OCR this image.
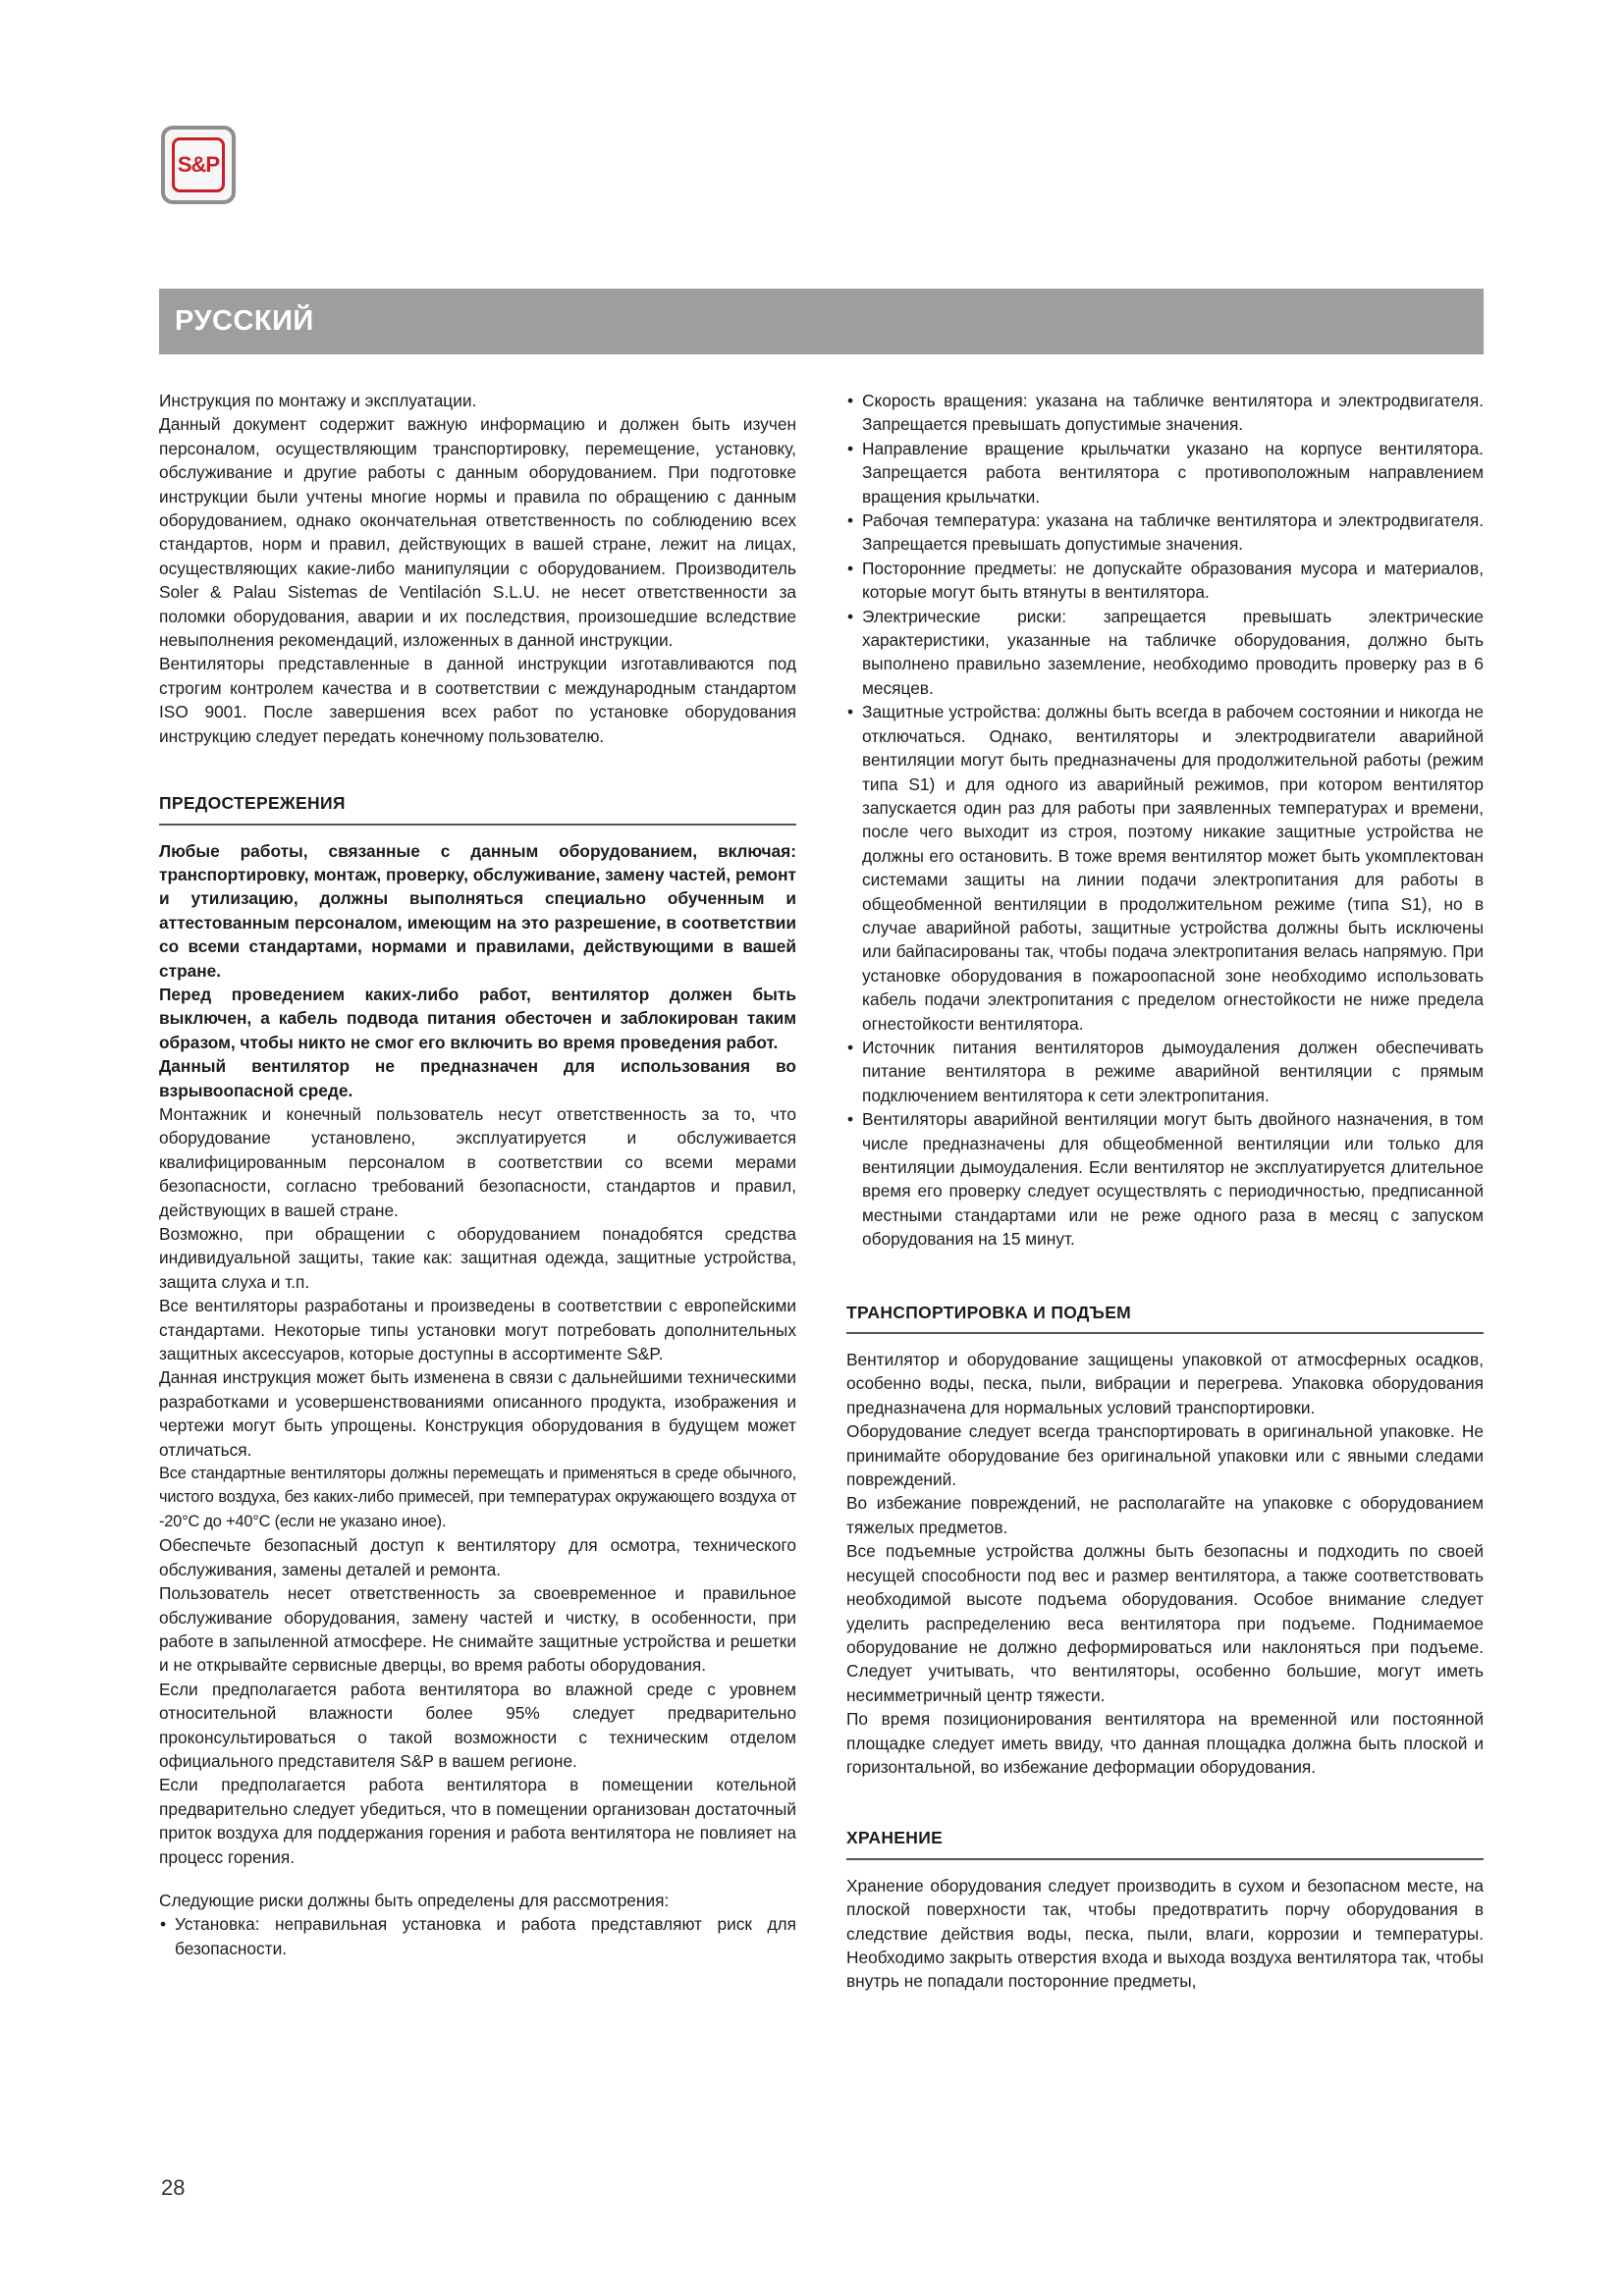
S&P
РУССКИЙ

Инструкция по монтажу и эксплуатации.

Данный документ содержит важную информацию и должен быть изучен персоналом, осуществляющим транспортировку, перемещение, установку, обслуживание и другие работы с данным оборудованием. При подготовке инструкции были учтены многие нормы и правила по обращению с данным оборудованием, однако окончательная ответственность по соблюдению всех стандартов, норм и правил, действующих в вашей стране, лежит на лицах, осуществляющих какие-либо манипуляции с оборудованием. Производитель Soler & Palau Sistemas de Ventilación S.L.U. не несет ответственности за поломки оборудования, аварии и их последствия, произошедшие вследствие невыполнения рекомендаций, изложенных в данной инструкции.

Вентиляторы представленные в данной инструкции изготавливаются под строгим контролем качества и в соответствии с международным стандартом ISO 9001. После завершения всех работ по установке оборудования инструкцию следует передать конечному пользователю.

ПРЕДОСТЕРЕЖЕНИЯ

Любые работы, связанные с данным оборудованием, включая: транспортировку, монтаж, проверку, обслуживание, замену частей, ремонт и утилизацию, должны выполняться специально обученным и аттестованным персоналом, имеющим на это разрешение, в соответствии со всеми стандартами, нормами и правилами, действующими в вашей стране.

Перед проведением каких-либо работ, вентилятор должен быть выключен, а кабель подвода питания обесточен и заблокирован таким образом, чтобы никто не смог его включить во время проведения работ.

Данный вентилятор не предназначен для использования во взрывоопасной среде.

Монтажник и конечный пользователь несут ответственность за то, что оборудование установлено, эксплуатируется и обслуживается квалифицированным персоналом в соответствии со всеми мерами безопасности, согласно требований безопасности, стандартов и правил, действующих в вашей стране.

Возможно, при обращении с оборудованием понадобятся средства индивидуальной защиты, такие как: защитная одежда, защитные устройства, защита слуха и т.п.

Все вентиляторы разработаны и произведены в соответствии с европейскими стандартами. Некоторые типы установки могут потребовать дополнительных защитных аксессуаров, которые доступны в ассортименте S&P.

Данная инструкция может быть изменена в связи с дальнейшими техническими разработками и усовершенствованиями описанного продукта, изображения и чертежи могут быть упрощены. Конструкция оборудования в будущем может отличаться.

Все стандартные вентиляторы должны перемещать и применяться в среде обычного, чистого воздуха, без каких-либо примесей, при температурах окружающего воздуха от -20°C до +40°C (если не указано иное).

Обеспечьте безопасный доступ к вентилятору для осмотра, технического обслуживания, замены деталей и ремонта.

Пользователь несет ответственность за своевременное и правильное обслуживание оборудования, замену частей и чистку, в особенности, при работе в запыленной атмосфере. Не снимайте защитные устройства и решетки и не открывайте сервисные дверцы, во время работы оборудования.

Если предполагается работа вентилятора во влажной среде с уровнем относительной влажности более 95% следует предварительно проконсультироваться о такой возможности с техническим отделом официального представителя S&P в вашем регионе.

Если предполагается работа вентилятора в помещении котельной предварительно следует убедиться, что в помещении организован достаточный приток воздуха для поддержания горения и работа вентилятора не повлияет на процесс горения.

Следующие риски должны быть определены для рассмотрения:

• Установка: неправильная установка и работа представляют риск для безопасности.
• Скорость вращения: указана на табличке вентилятора и электродвигателя. Запрещается превышать допустимые значения.
• Направление вращение крыльчатки указано на корпусе вентилятора. Запрещается работа вентилятора с противоположным направлением вращения крыльчатки.
• Рабочая температура: указана на табличке вентилятора и электродвигателя. Запрещается превышать допустимые значения.
• Посторонние предметы: не допускайте образования мусора и материалов, которые могут быть втянуты в вентилятора.
• Электрические риски: запрещается превышать электрические характеристики, указанные на табличке оборудования, должно быть выполнено правильно заземление, необходимо проводить проверку раз в 6 месяцев.
• Защитные устройства: должны быть всегда в рабочем состоянии и никогда не отключаться. Однако, вентиляторы и электродвигатели аварийной вентиляции могут быть предназначены для продолжительной работы (режим типа S1) и для одного из аварийный режимов, при котором вентилятор запускается один раз для работы при заявленных температурах и времени, после чего выходит из строя, поэтому никакие защитные устройства не должны его остановить. В тоже время вентилятор может быть укомплектован системами защиты на линии подачи электропитания для работы в общеобменной вентиляции в продолжительном режиме (типа S1), но в случае аварийной работы, защитные устройства должны быть исключены или байпасированы так, чтобы подача электропитания велась напрямую. При установке оборудования в пожароопасной зоне необходимо использовать кабель подачи электропитания с пределом огнестойкости не ниже предела огнестойкости вентилятора.
• Источник питания вентиляторов дымоудаления должен обеспечивать питание вентилятора в режиме аварийной вентиляции с прямым подключением вентилятора к сети электропитания.
• Вентиляторы аварийной вентиляции могут быть двойного назначения, в том числе предназначены для общеобменной вентиляции или только для вентиляции дымоудаления. Если вентилятор не эксплуатируется длительное время его проверку следует осуществлять с периодичностью, предписанной местными стандартами или не реже одного раза в месяц с запуском оборудования на 15 минут.
ТРАНСПОРТИРОВКА И ПОДЪЕМ

Вентилятор и оборудование защищены упаковкой от атмосферных осадков, особенно воды, песка, пыли, вибрации и перегрева. Упаковка оборудования предназначена для нормальных условий транспортировки.

Оборудование следует всегда транспортировать в оригинальной упаковке. Не принимайте оборудование без оригинальной упаковки или с явными следами повреждений.

Во избежание повреждений, не располагайте на упаковке с оборудованием тяжелых предметов.

Все подъемные устройства должны быть безопасны и подходить по своей несущей способности под вес и размер вентилятора, а также соответствовать необходимой высоте подъема оборудования. Особое внимание следует уделить распределению веса вентилятора при подъеме. Поднимаемое оборудование не должно деформироваться или наклоняться при подъеме. Следует учитывать, что вентиляторы, особенно большие, могут иметь несимметричный центр тяжести.

По время позиционирования вентилятора на временной или постоянной площадке следует иметь ввиду, что данная площадка должна быть плоской и горизонтальной, во избежание деформации оборудования.

ХРАНЕНИЕ

Хранение оборудования следует производить в сухом и безопасном месте, на плоской поверхности так, чтобы предотвратить порчу оборудования в следствие действия воды, песка, пыли, влаги, коррозии и температуры. Необходимо закрыть отверстия входа и выхода воздуха вентилятора так, чтобы внутрь не попадали посторонние предметы,

28
